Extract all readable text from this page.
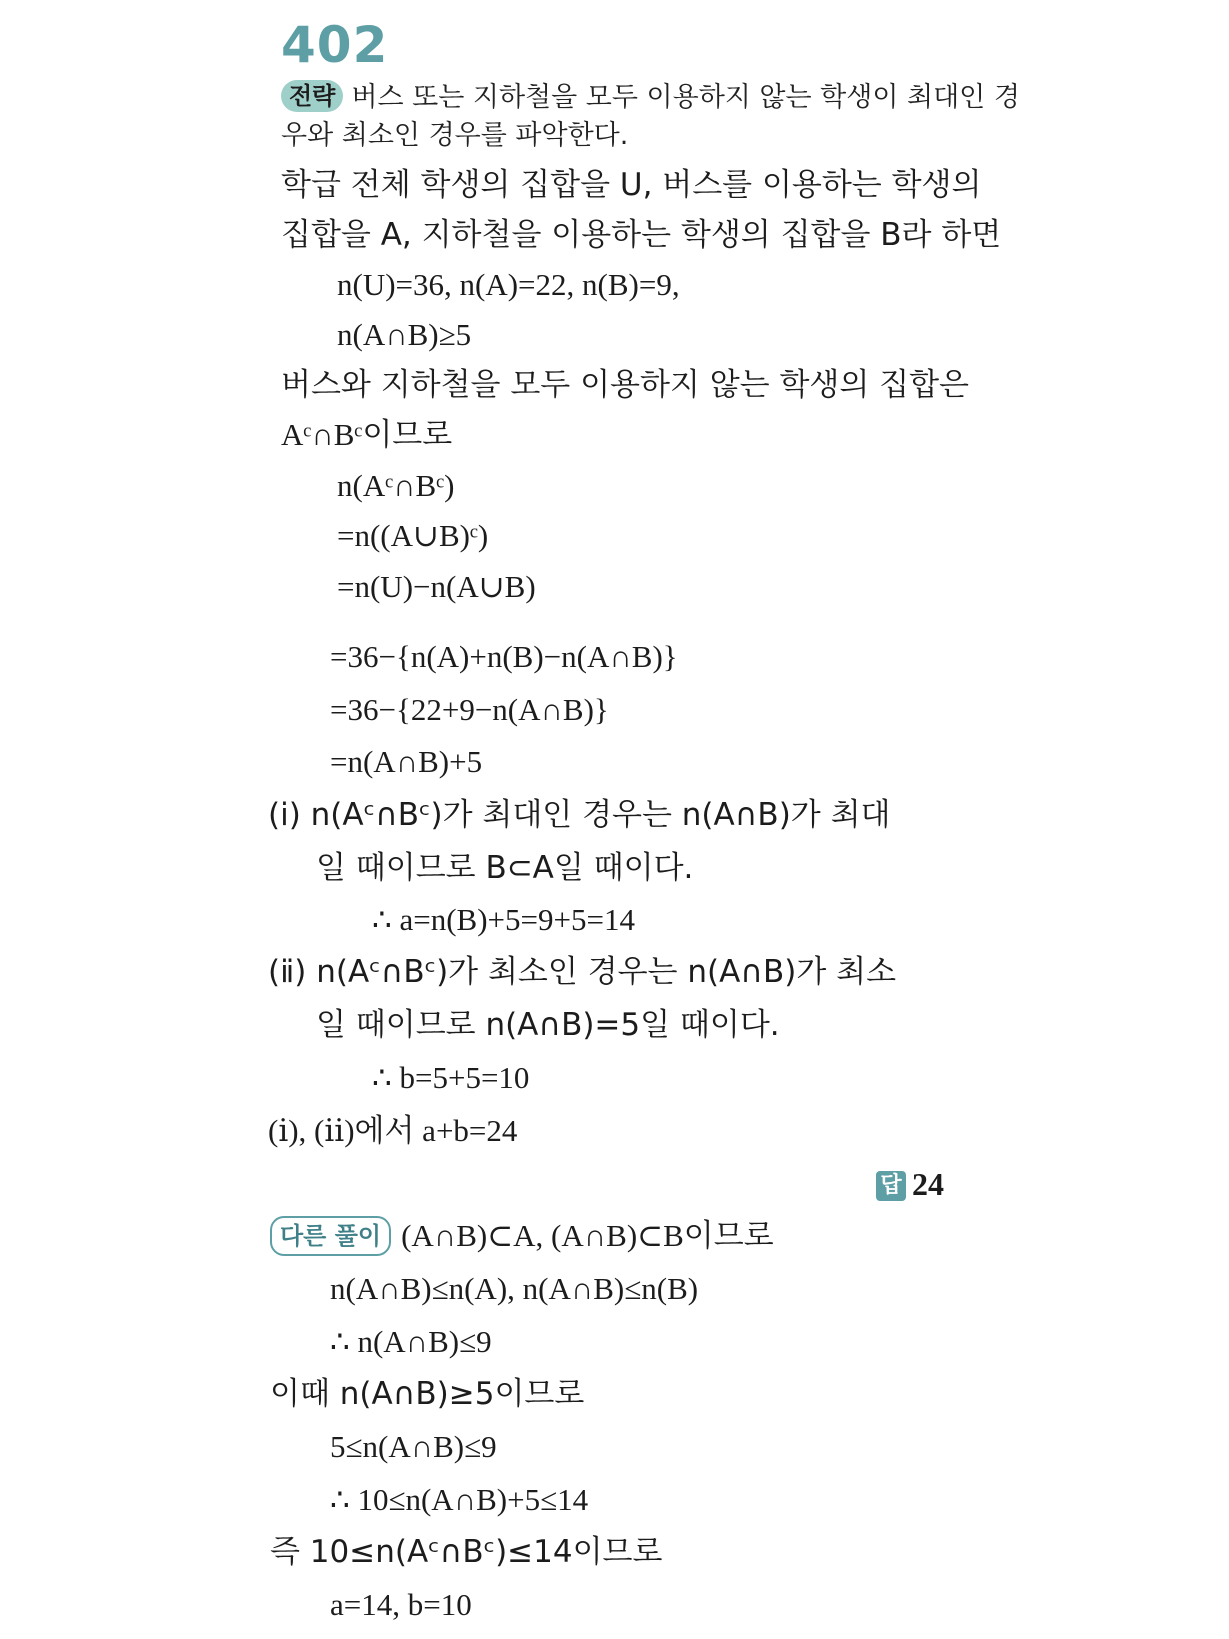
402
전략 버스 또는 지하철을 모두 이용하지 않는 학생이 최대인 경
우와 최소인 경우를 파악한다.
학급 전체 학생의 집합을 U, 버스를 이용하는 학생의
집합을 A, 지하철을 이용하는 학생의 집합을 B라 하면
n(U)=36, n(A)=22, n(B)=9,
n(A∩B)≥5
버스와 지하철을 모두 이용하지 않는 학생의 집합은
Aᶜ∩Bᶜ이므로
n(Aᶜ∩Bᶜ)
=n((A∪B)ᶜ)
=n(U)−n(A∪B)
=36−{n(A)+n(B)−n(A∩B)}
=36−{22+9−n(A∩B)}
=n(A∩B)+5
(ⅰ) n(Aᶜ∩Bᶜ)가 최대인 경우는 n(A∩B)가 최대
일 때이므로 B⊂A일 때이다.
∴ a=n(B)+5=9+5=14
(ⅱ) n(Aᶜ∩Bᶜ)가 최소인 경우는 n(A∩B)가 최소
일 때이므로 n(A∩B)=5일 때이다.
∴ b=5+5=10
(ⅰ), (ⅱ)에서 a+b=24
답 24
다른 풀이 (A∩B)⊂A, (A∩B)⊂B이므로
n(A∩B)≤n(A), n(A∩B)≤n(B)
∴ n(A∩B)≤9
이때 n(A∩B)≥5이므로
5≤n(A∩B)≤9
∴ 10≤n(A∩B)+5≤14
즉 10≤n(Aᶜ∩Bᶜ)≤14이므로
a=14, b=10
